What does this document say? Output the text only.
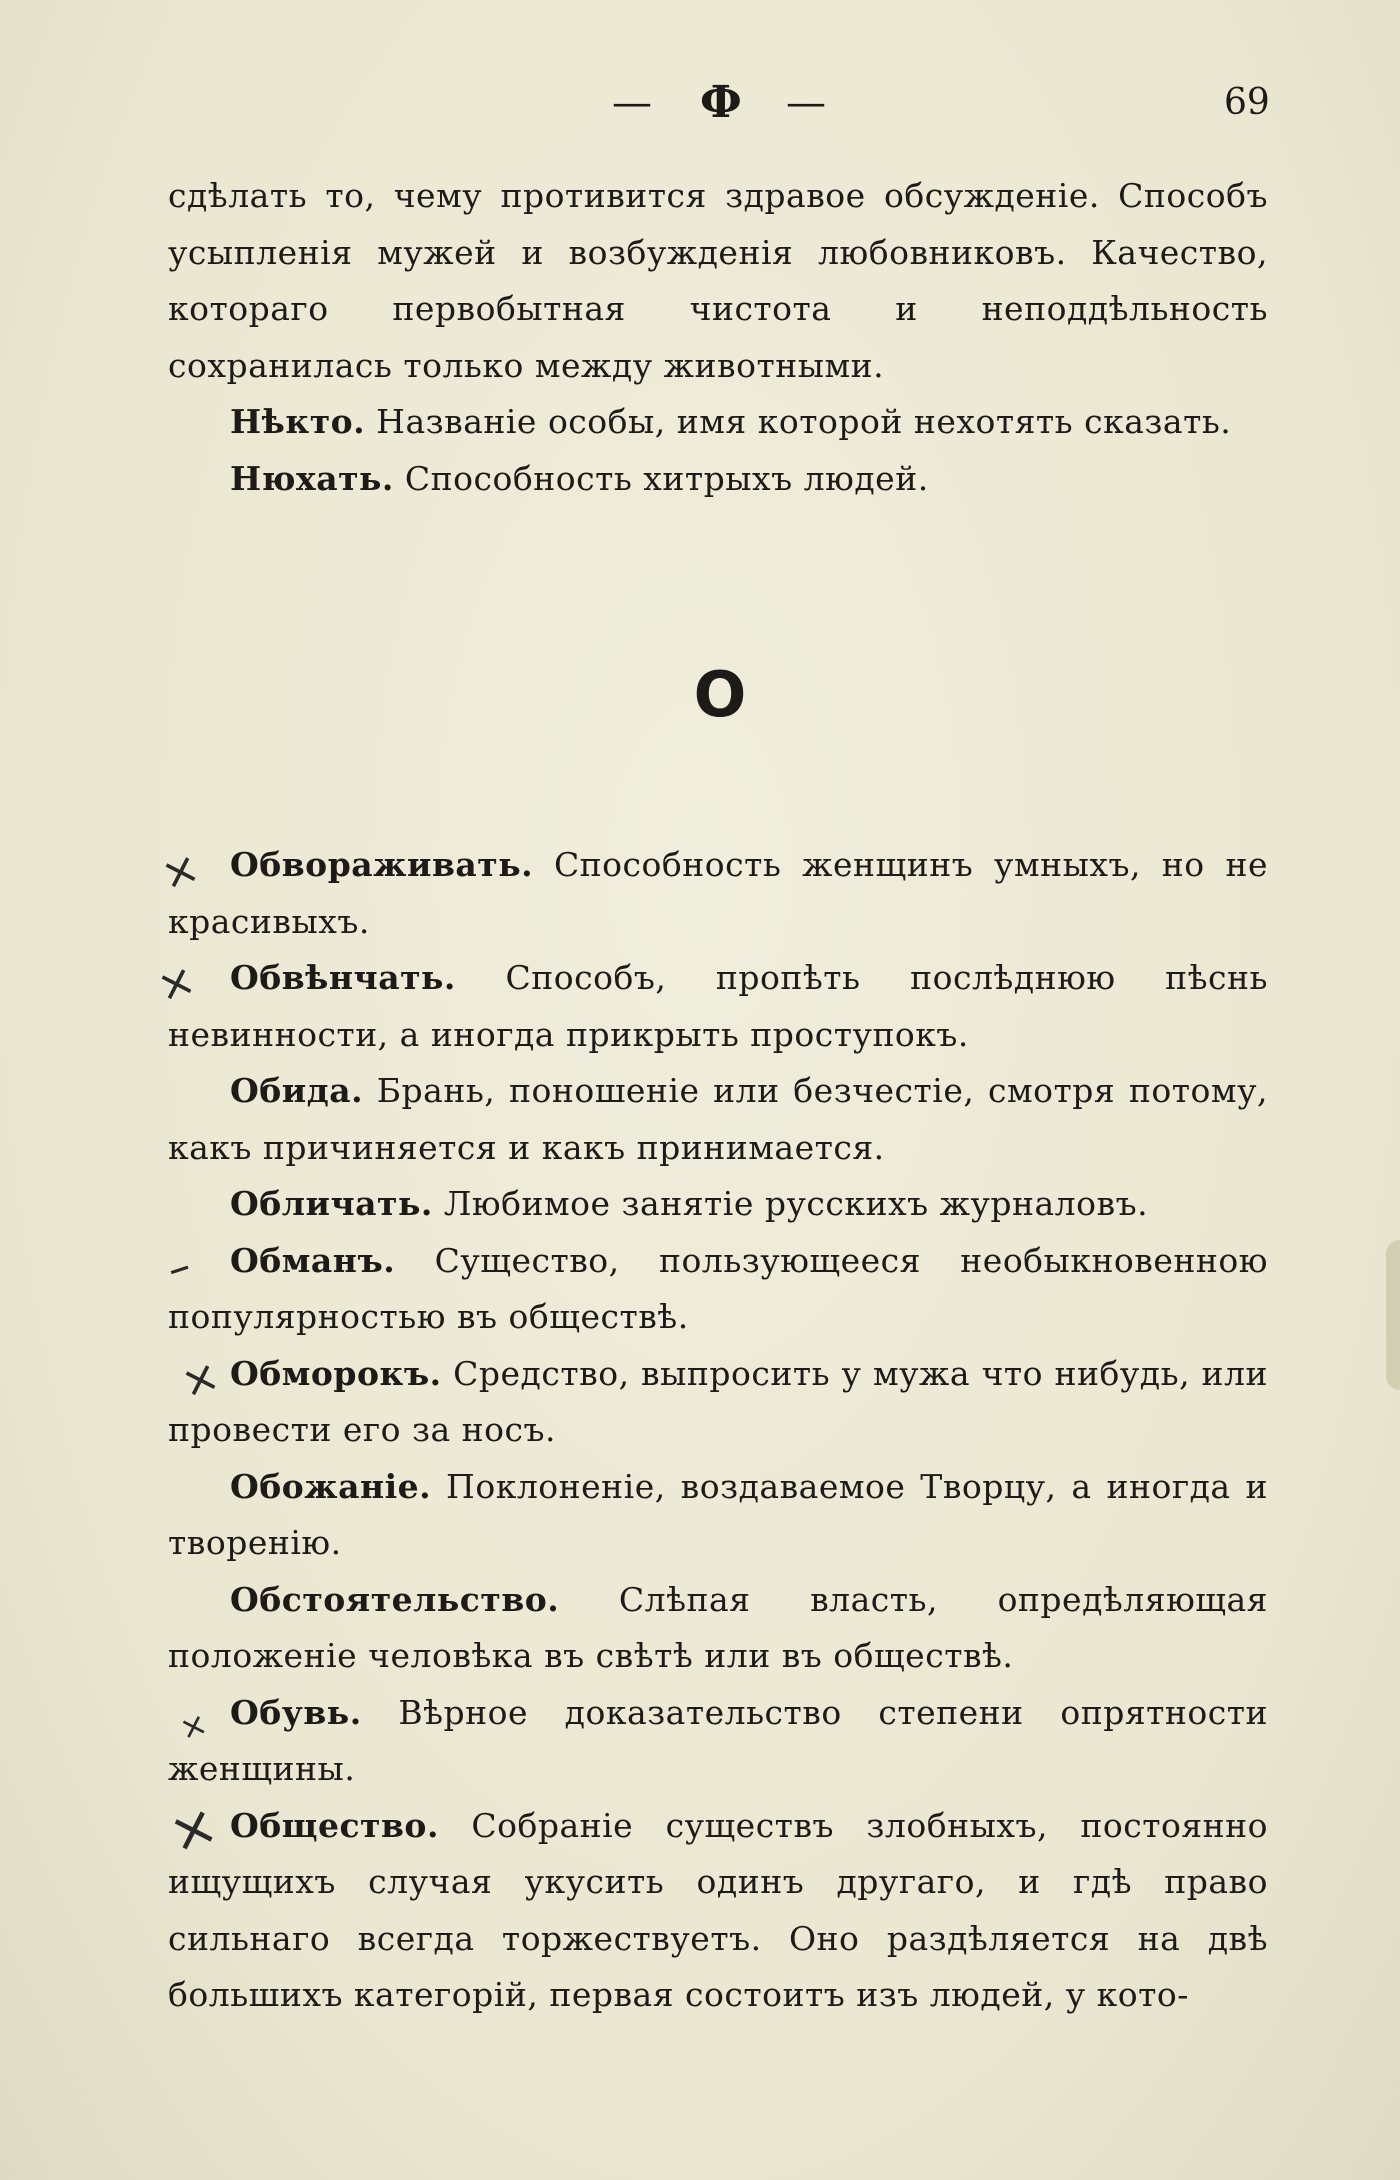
— Ф —	69

сдѣлать то, чему противится здравое обсужденіе. Способъ усыпленія мужей и возбужденія любовниковъ. Качество, котораго первобытная чистота и неподдѣльность сохранилась только между животными.

Нѣкто. Названіе особы, имя которой нехотять сказать.

Нюхать. Способность хитрыхъ людей.

О

Обвораживать. Способность женщинъ умныхъ, но не красивыхъ.

Обвѣнчать. Способъ, пропѣть послѣднюю пѣснь невинности, а иногда прикрыть проступокъ.

Обида. Брань, поношеніе или безчестіе, смотря потому, какъ причиняется и какъ принимается.

Обличать. Любимое занятіе русскихъ журналовъ.

Обманъ. Существо, пользующееся необыкновенною популярностью въ обществѣ.

Обморокъ. Средство, выпросить у мужа что нибудь, или провести его за носъ.

Обожаніе. Поклоненіе, воздаваемое Творцу, а иногда и творенію.

Обстоятельство. Слѣпая власть, опредѣляющая положеніе человѣка въ свѣтѣ или въ обществѣ.

Обувь. Вѣрное доказательство степени опрятности женщины.

Общество. Собраніе существъ злобныхъ, постоянно ищущихъ случая укусить одинъ другаго, и гдѣ право сильнаго всегда торжествуетъ. Оно раздѣляется на двѣ большихъ категорій, первая состоитъ изъ людей, у кото-

×
×
–
×
×
×
